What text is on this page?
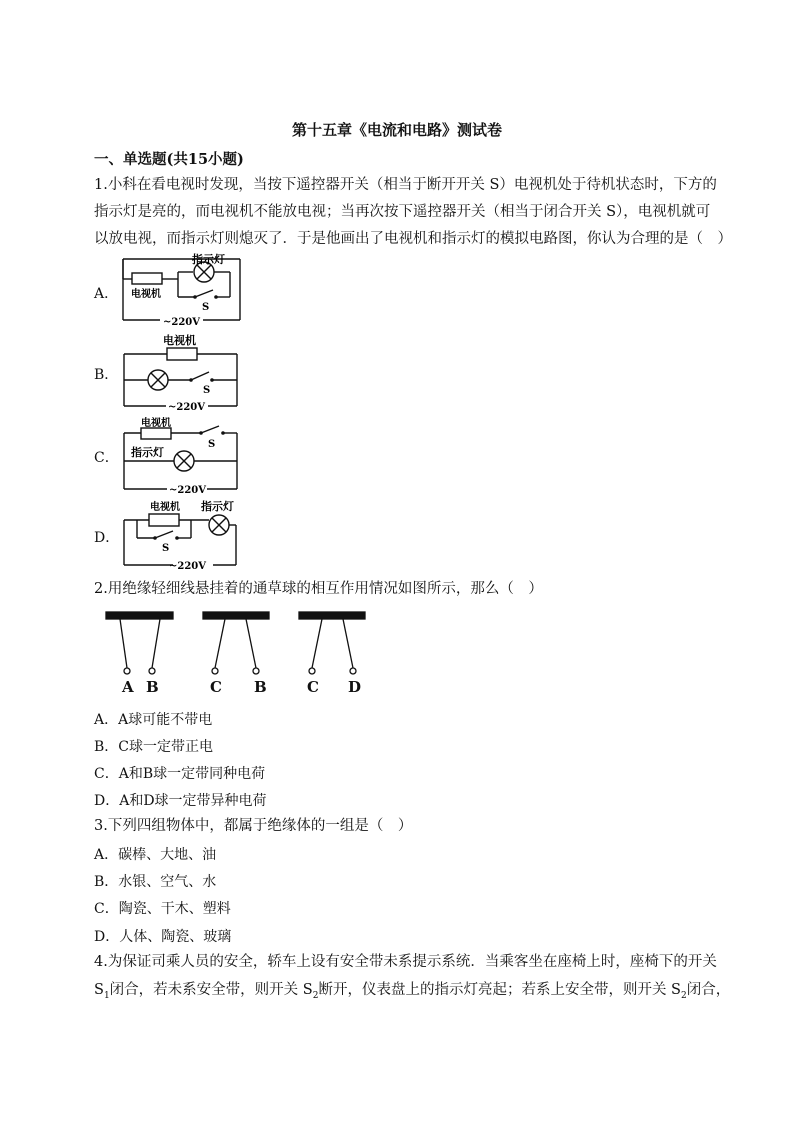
第十五章《电流和电路》测试卷
一、单选题(共15小题)
1.小科在看电视时发现，当按下遥控器开关（相当于断开开关 S）电视机处于待机状态时，下方的
指示灯是亮的，而电视机不能放电视；当再次按下遥控器开关（相当于闭合开关 S），电视机就可
以放电视，而指示灯则熄灭了．于是他画出了电视机和指示灯的模拟电路图，你认为合理的是（　）
A．
B．
C．
D．
指示灯
电视机
S
~220V
电视机
S
~220V
电视机
指示灯
S
~220V
电视机 指示灯
S
~220V
2.用绝缘轻细线悬挂着的通草球的相互作用情况如图所示，那么（　）
A B	C B	C D
A．A球可能不带电
B．C球一定带正电
C．A和B球一定带同种电荷
D．A和D球一定带异种电荷
3.下列四组物体中，都属于绝缘体的一组是（　）
A．碳棒、大地、油
B．水银、空气、水
C．陶瓷、干木、塑料
D．人体、陶瓷、玻璃
4.为保证司乘人员的安全，轿车上设有安全带未系提示系统．当乘客坐在座椅上时，座椅下的开关
$S_1$闭合，若未系安全带，则开关 $S_2$断开，仪表盘上的指示灯亮起；若系上安全带，则开关 $S_2$闭合，
